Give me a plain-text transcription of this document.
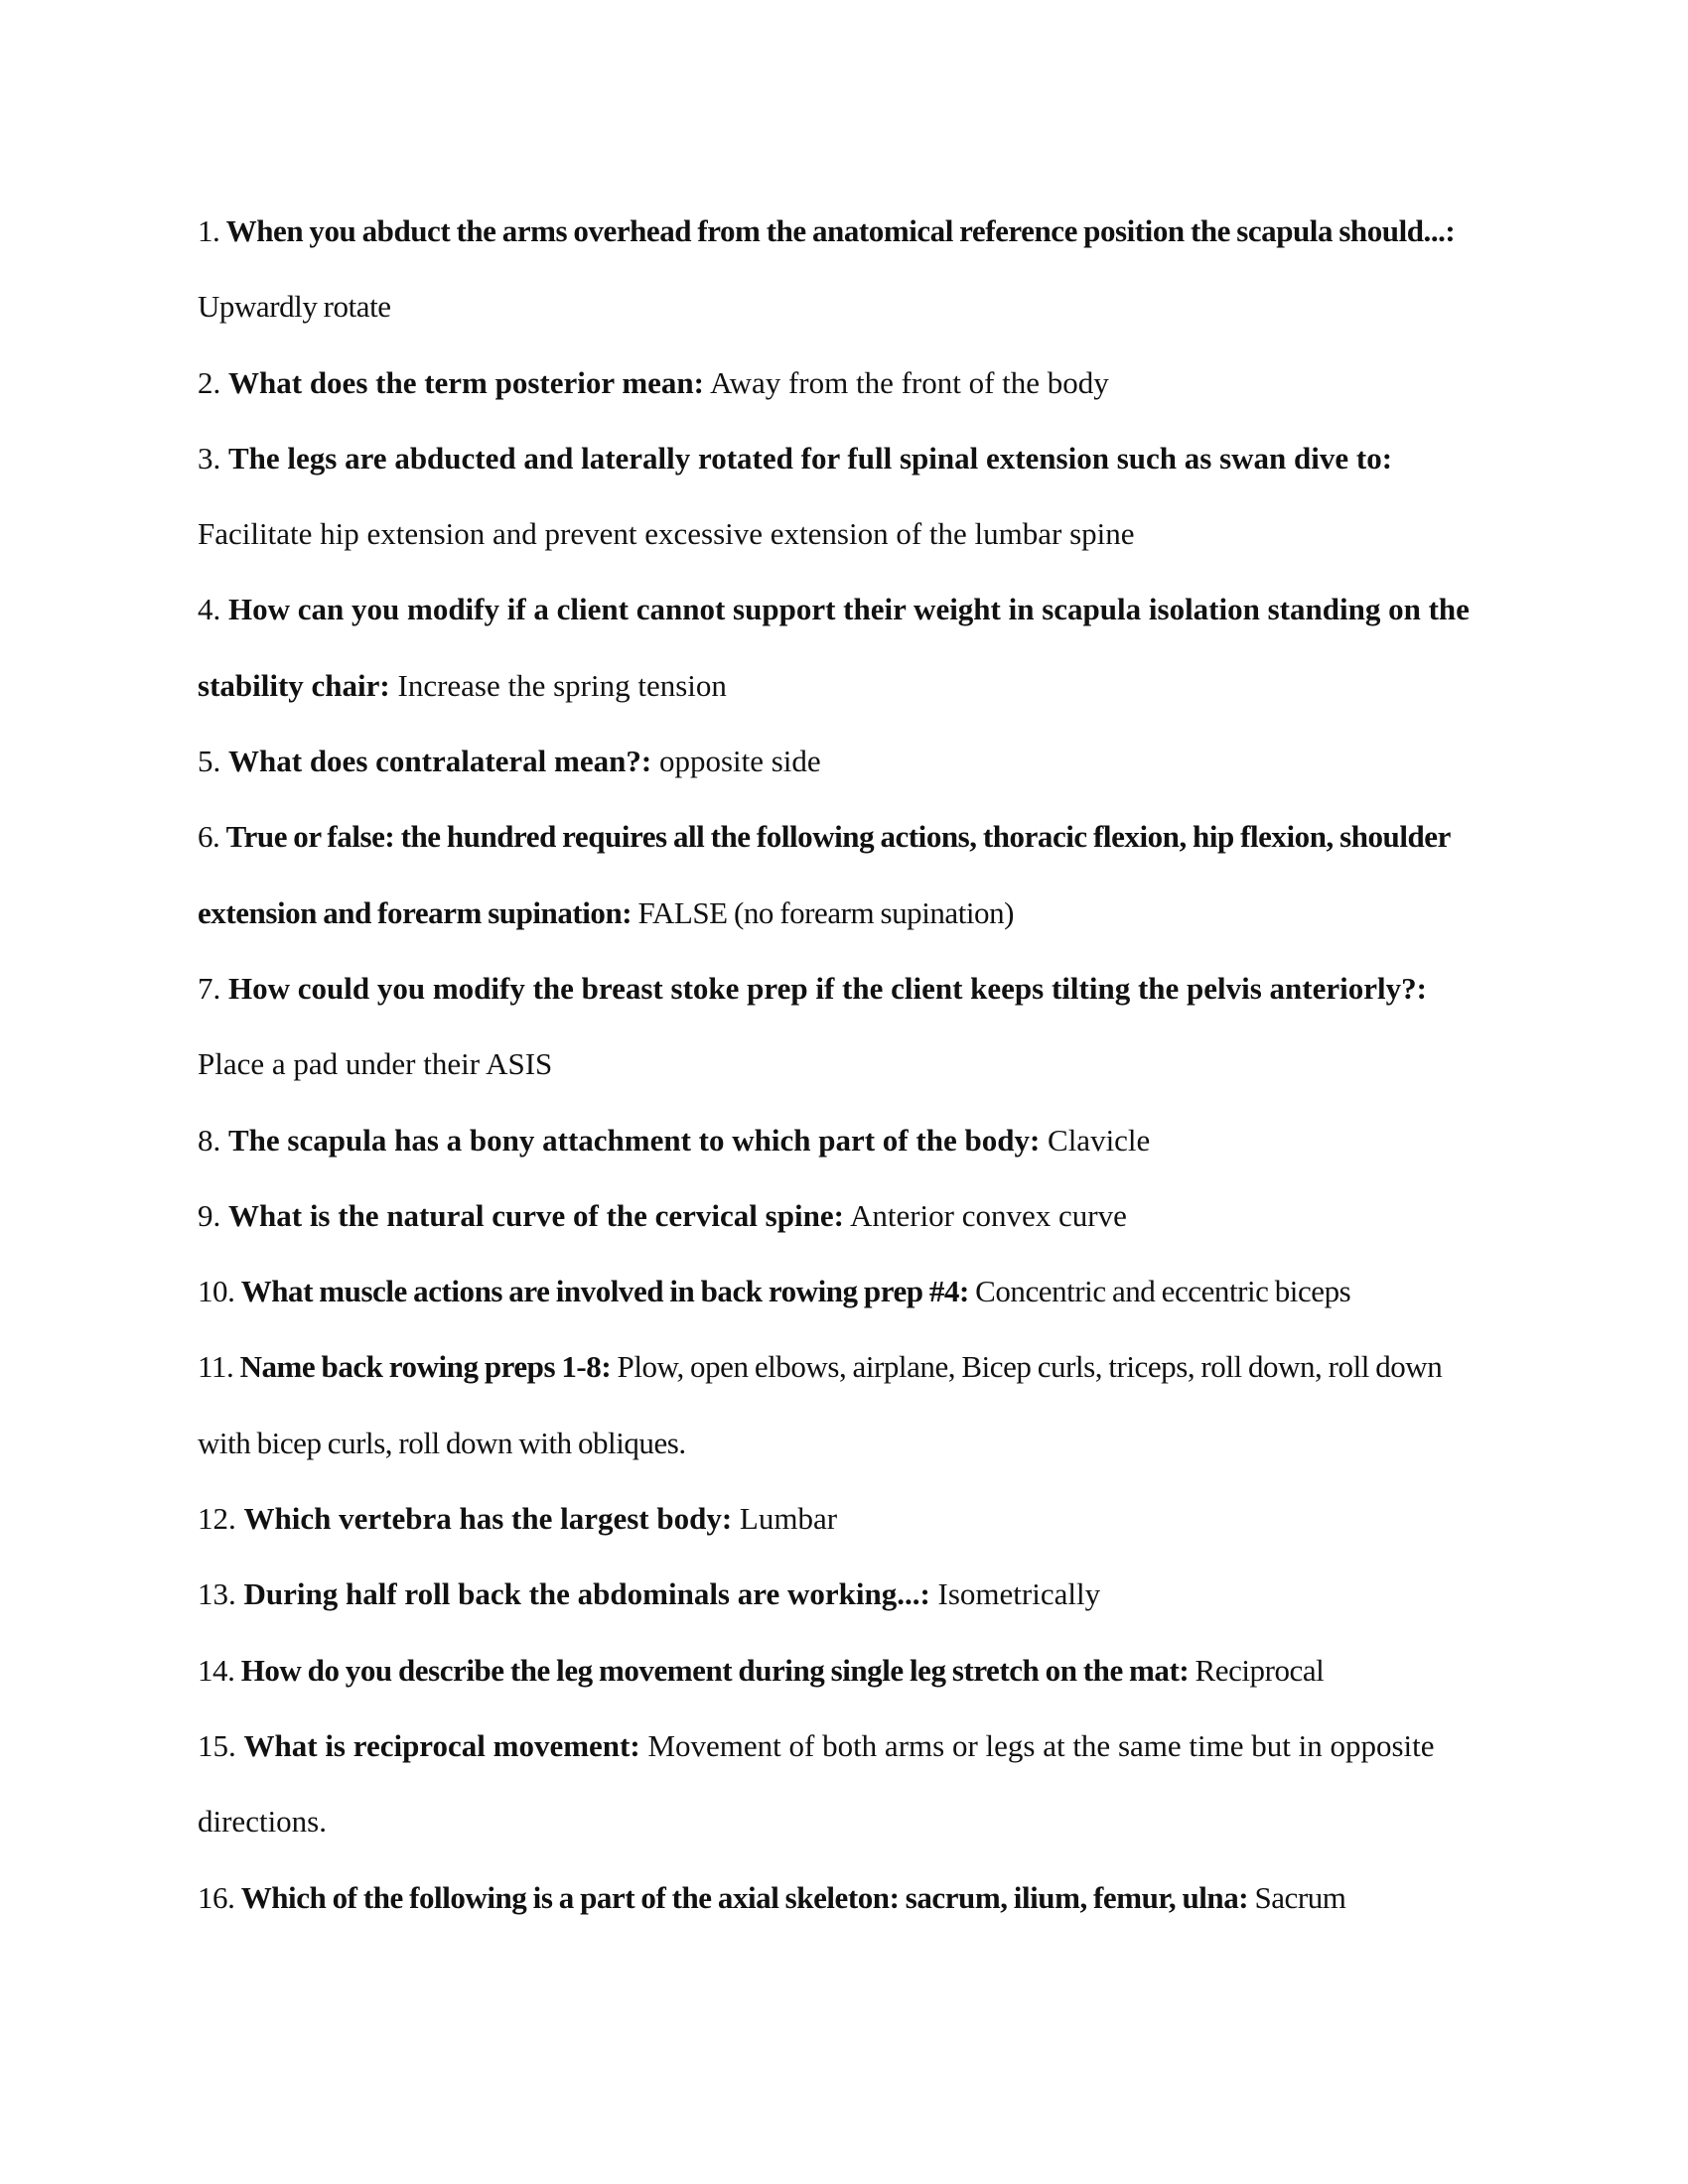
1. When you abduct the arms overhead from the anatomical reference position the scapula should...: Upwardly rotate
2. What does the term posterior mean: Away from the front of the body
3. The legs are abducted and laterally rotated for full spinal extension such as swan dive to: Facilitate hip extension and prevent excessive extension of the lumbar spine
4. How can you modify if a client cannot support their weight in scapula isolation standing on the stability chair: Increase the spring tension
5. What does contralateral mean?: opposite side
6. True or false: the hundred requires all the following actions, thoracic flexion, hip flexion, shoulder extension and forearm supination: FALSE (no forearm supination)
7. How could you modify the breast stoke prep if the client keeps tilting the pelvis anteriorly?: Place a pad under their ASIS
8. The scapula has a bony attachment to which part of the body: Clavicle
9. What is the natural curve of the cervical spine: Anterior convex curve
10. What muscle actions are involved in back rowing prep #4: Concentric and eccentric biceps
11. Name back rowing preps 1-8: Plow, open elbows, airplane, Bicep curls, triceps, roll down, roll down with bicep curls, roll down with obliques.
12. Which vertebra has the largest body: Lumbar
13. During half roll back the abdominals are working...: Isometrically
14. How do you describe the leg movement during single leg stretch on the mat: Reciprocal
15. What is reciprocal movement: Movement of both arms or legs at the same time but in opposite directions.
16. Which of the following is a part of the axial skeleton: sacrum, ilium, femur, ulna: Sacrum
